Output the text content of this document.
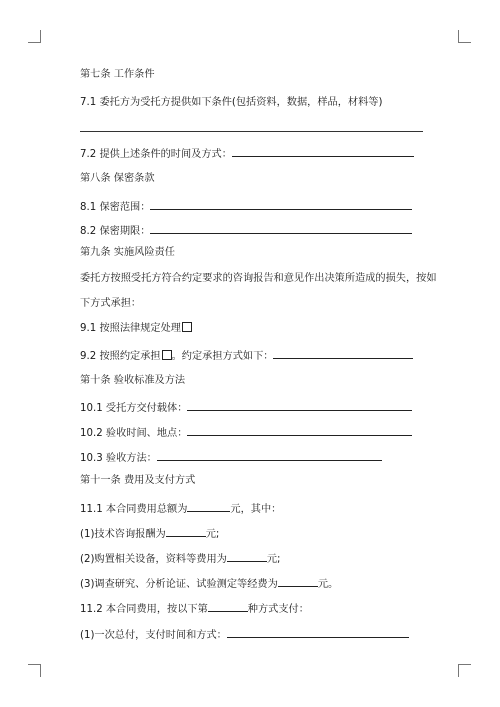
第七条 工作条件
7.1 委托方为受托方提供如下条件(包括资料，数据，样品，材料等)
7.2 提供上述条件的时间及方式：
第八条 保密条款
8.1 保密范围：
8.2 保密期限：
第九条 实施风险责任
委托方按照受托方符合约定要求的咨询报告和意见作出决策所造成的损失，按如
下方式承担：
9.1 按照法律规定处理
9.2 按照约定承担 。约定承担方式如下：
第十条 验收标准及方法
10.1 受托方交付载体：
10.2 验收时间、地点：
10.3 验收方法：
第十一条 费用及支付方式
11.1 本合同费用总额为	元，其中：
(1)技术咨询报酬为	元;
(2)购置相关设备，资料等费用为	元;
(3)调查研究、分析论证、试验测定等经费为	元。
11.2 本合同费用，按以下第	种方式支付：
(1)一次总付，支付时间和方式：
